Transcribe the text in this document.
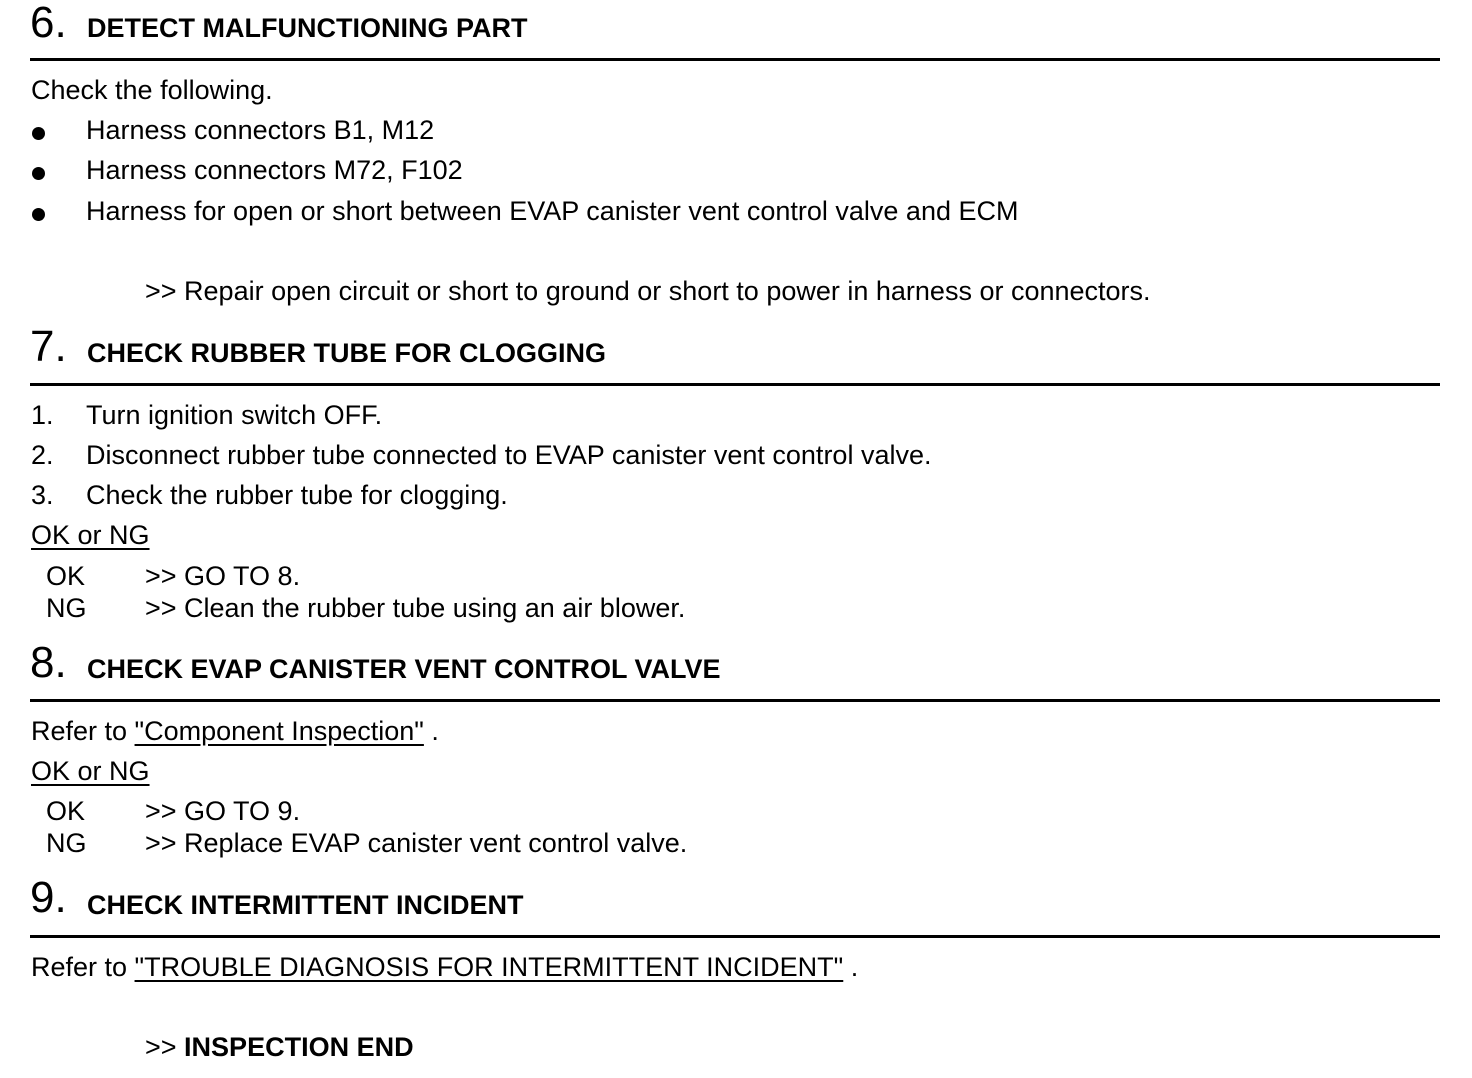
6. DETECT MALFUNCTIONING PART
Check the following.
Harness connectors B1, M12
Harness connectors M72, F102
Harness for open or short between EVAP canister vent control valve and ECM
>> Repair open circuit or short to ground or short to power in harness or connectors.
7. CHECK RUBBER TUBE FOR CLOGGING
1. Turn ignition switch OFF.
2. Disconnect rubber tube connected to EVAP canister vent control valve.
3. Check the rubber tube for clogging.
OK or NG
OK >> GO TO 8.
NG >> Clean the rubber tube using an air blower.
8. CHECK EVAP CANISTER VENT CONTROL VALVE
Refer to "Component Inspection" .
OK or NG
OK >> GO TO 9.
NG >> Replace EVAP canister vent control valve.
9. CHECK INTERMITTENT INCIDENT
Refer to "TROUBLE DIAGNOSIS FOR INTERMITTENT INCIDENT" .
>> INSPECTION END
